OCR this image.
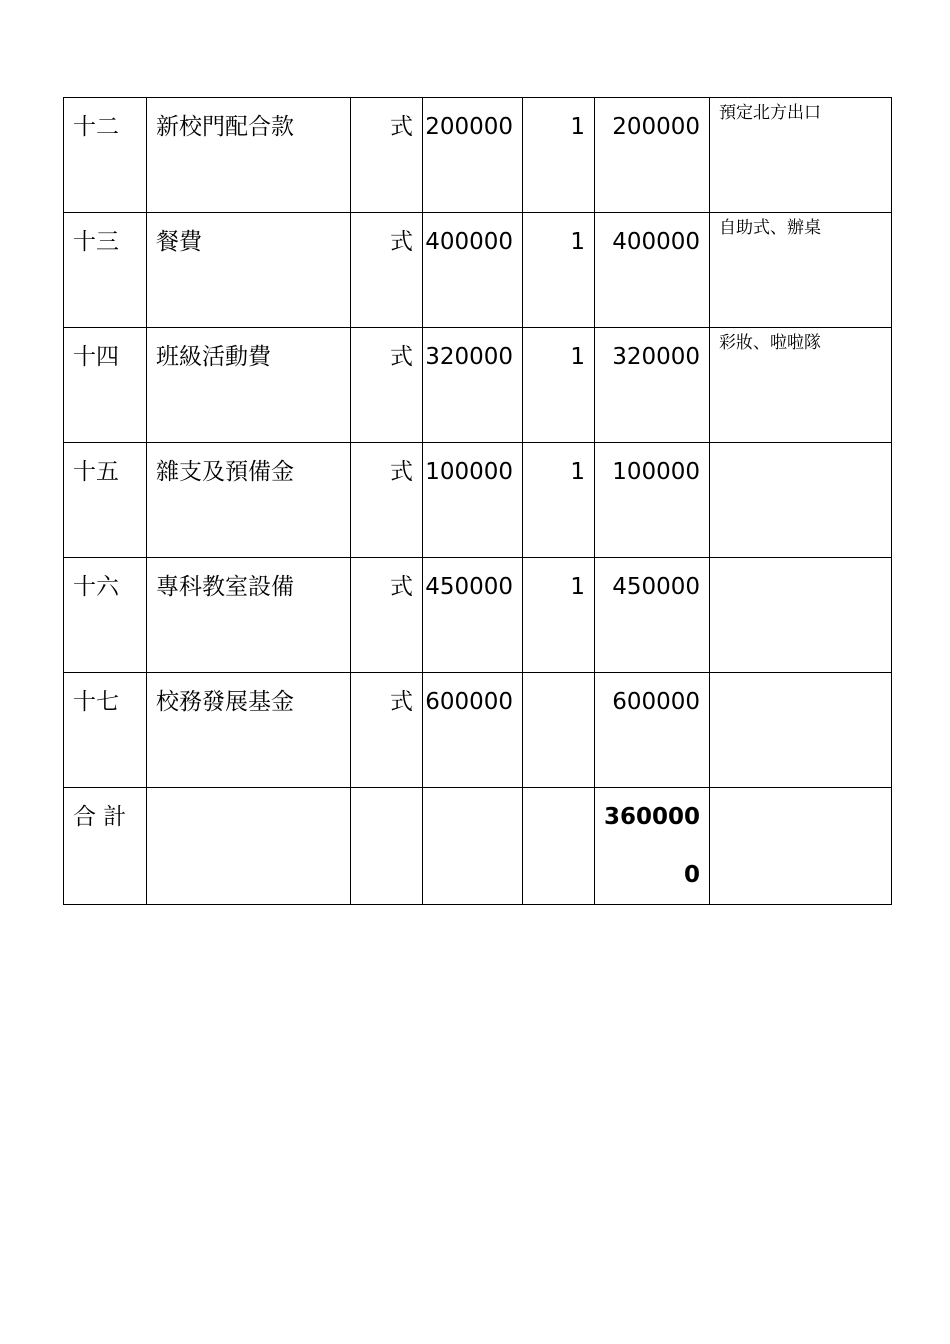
十二	新校門配合款	式	200000	1	200000	預定北方出口
十三	餐費	式	400000	1	400000	自助式、辦桌
十四	班級活動費	式	320000	1	320000	彩妝、啦啦隊
十五	雜支及預備金	式	100000	1	100000	
十六	專科教室設備	式	450000	1	450000	
十七	校務發展基金	式	600000		600000	
合 計					3600000	
